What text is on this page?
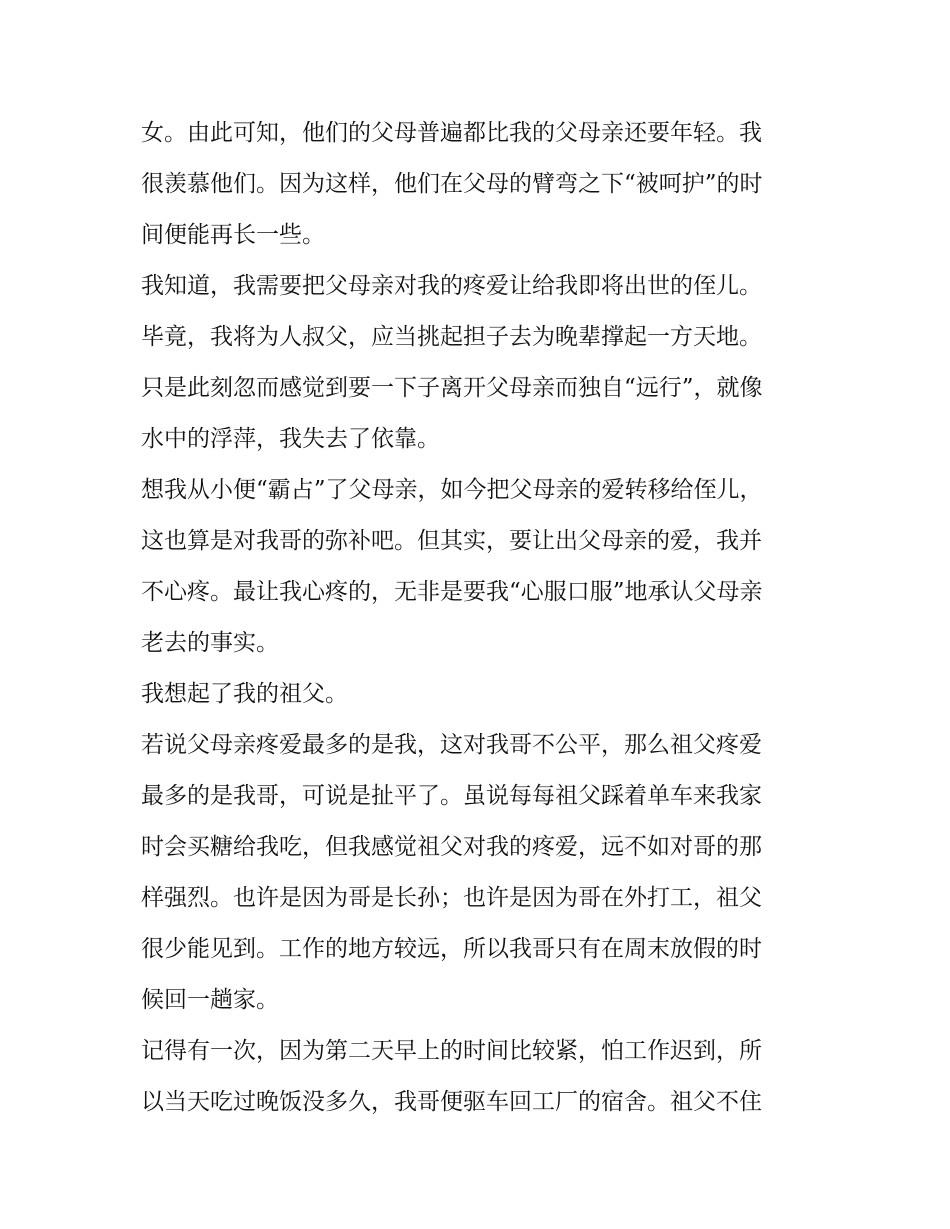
女。由此可知，他们的父母普遍都比我的父母亲还要年轻。我
很羡慕他们。因为这样，他们在父母的臂弯之下“被呵护”的时
间便能再长一些。
我知道，我需要把父母亲对我的疼爱让给我即将出世的侄儿。
毕竟，我将为人叔父，应当挑起担子去为晚辈撑起一方天地。
只是此刻忽而感觉到要一下子离开父母亲而独自“远行”，就像
水中的浮萍，我失去了依靠。
想我从小便“霸占”了父母亲，如今把父母亲的爱转移给侄儿，
这也算是对我哥的弥补吧。但其实，要让出父母亲的爱，我并
不心疼。最让我心疼的，无非是要我“心服口服”地承认父母亲
老去的事实。
我想起了我的祖父。
若说父母亲疼爱最多的是我，这对我哥不公平，那么祖父疼爱
最多的是我哥，可说是扯平了。虽说每每祖父踩着单车来我家
时会买糖给我吃，但我感觉祖父对我的疼爱，远不如对哥的那
样强烈。也许是因为哥是长孙；也许是因为哥在外打工，祖父
很少能见到。工作的地方较远，所以我哥只有在周末放假的时
候回一趟家。
记得有一次，因为第二天早上的时间比较紧，怕工作迟到，所
以当天吃过晚饭没多久，我哥便驱车回工厂的宿舍。祖父不住
